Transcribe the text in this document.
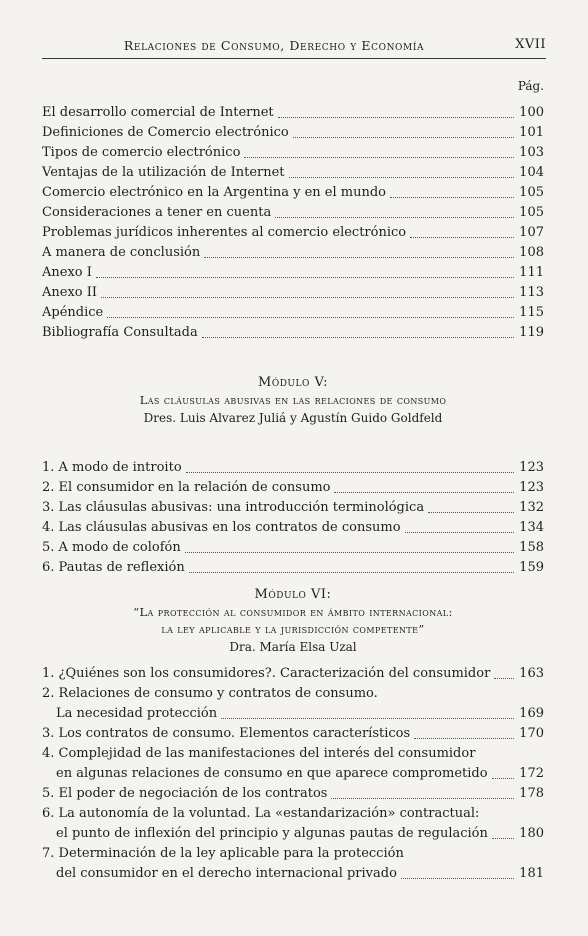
Relaciones de Consumo, Derecho y Economía	XVII
Pág.
El desarrollo comercial de Internet	100
Definiciones de Comercio electrónico	101
Tipos de comercio electrónico	103
Ventajas de la utilización de Internet	104
Comercio electrónico en la Argentina y en el mundo	105
Consideraciones a tener en cuenta	105
Problemas jurídicos inherentes al comercio electrónico	107
A manera de conclusión	108
Anexo I	111
Anexo II	113
Apéndice	115
Bibliografía Consultada	119
Módulo V:
Las cláusulas abusivas en las relaciones de consumo
Dres. Luis Alvarez Juliá y Agustín Guido Goldfeld
1. A modo de introito	123
2. El consumidor en la relación de consumo	123
3. Las cláusulas abusivas: una introducción terminológica	132
4. Las cláusulas abusivas en los contratos de consumo	134
5. A modo de colofón	158
6. Pautas de reflexión	159
Módulo VI:
“La protección al consumidor en ámbito internacional:
la ley aplicable y la jurisdicción competente”
Dra. María Elsa Uzal
1. ¿Quiénes son los consumidores?. Caracterización del consumidor 163
2. Relaciones de consumo y contratos de consumo.
La necesidad protección	169
3. Los contratos de consumo. Elementos característicos	170
4. Complejidad de las manifestaciones del interés del consumidor
en algunas relaciones de consumo en que aparece comprometido 172
5. El poder de negociación de los contratos	178
6. La autonomía de la voluntad. La «estandarización» contractual:
el punto de inflexión del principio y algunas pautas de regulación 180
7. Determinación de la ley aplicable para la protección
del consumidor en el derecho internacional privado	181
